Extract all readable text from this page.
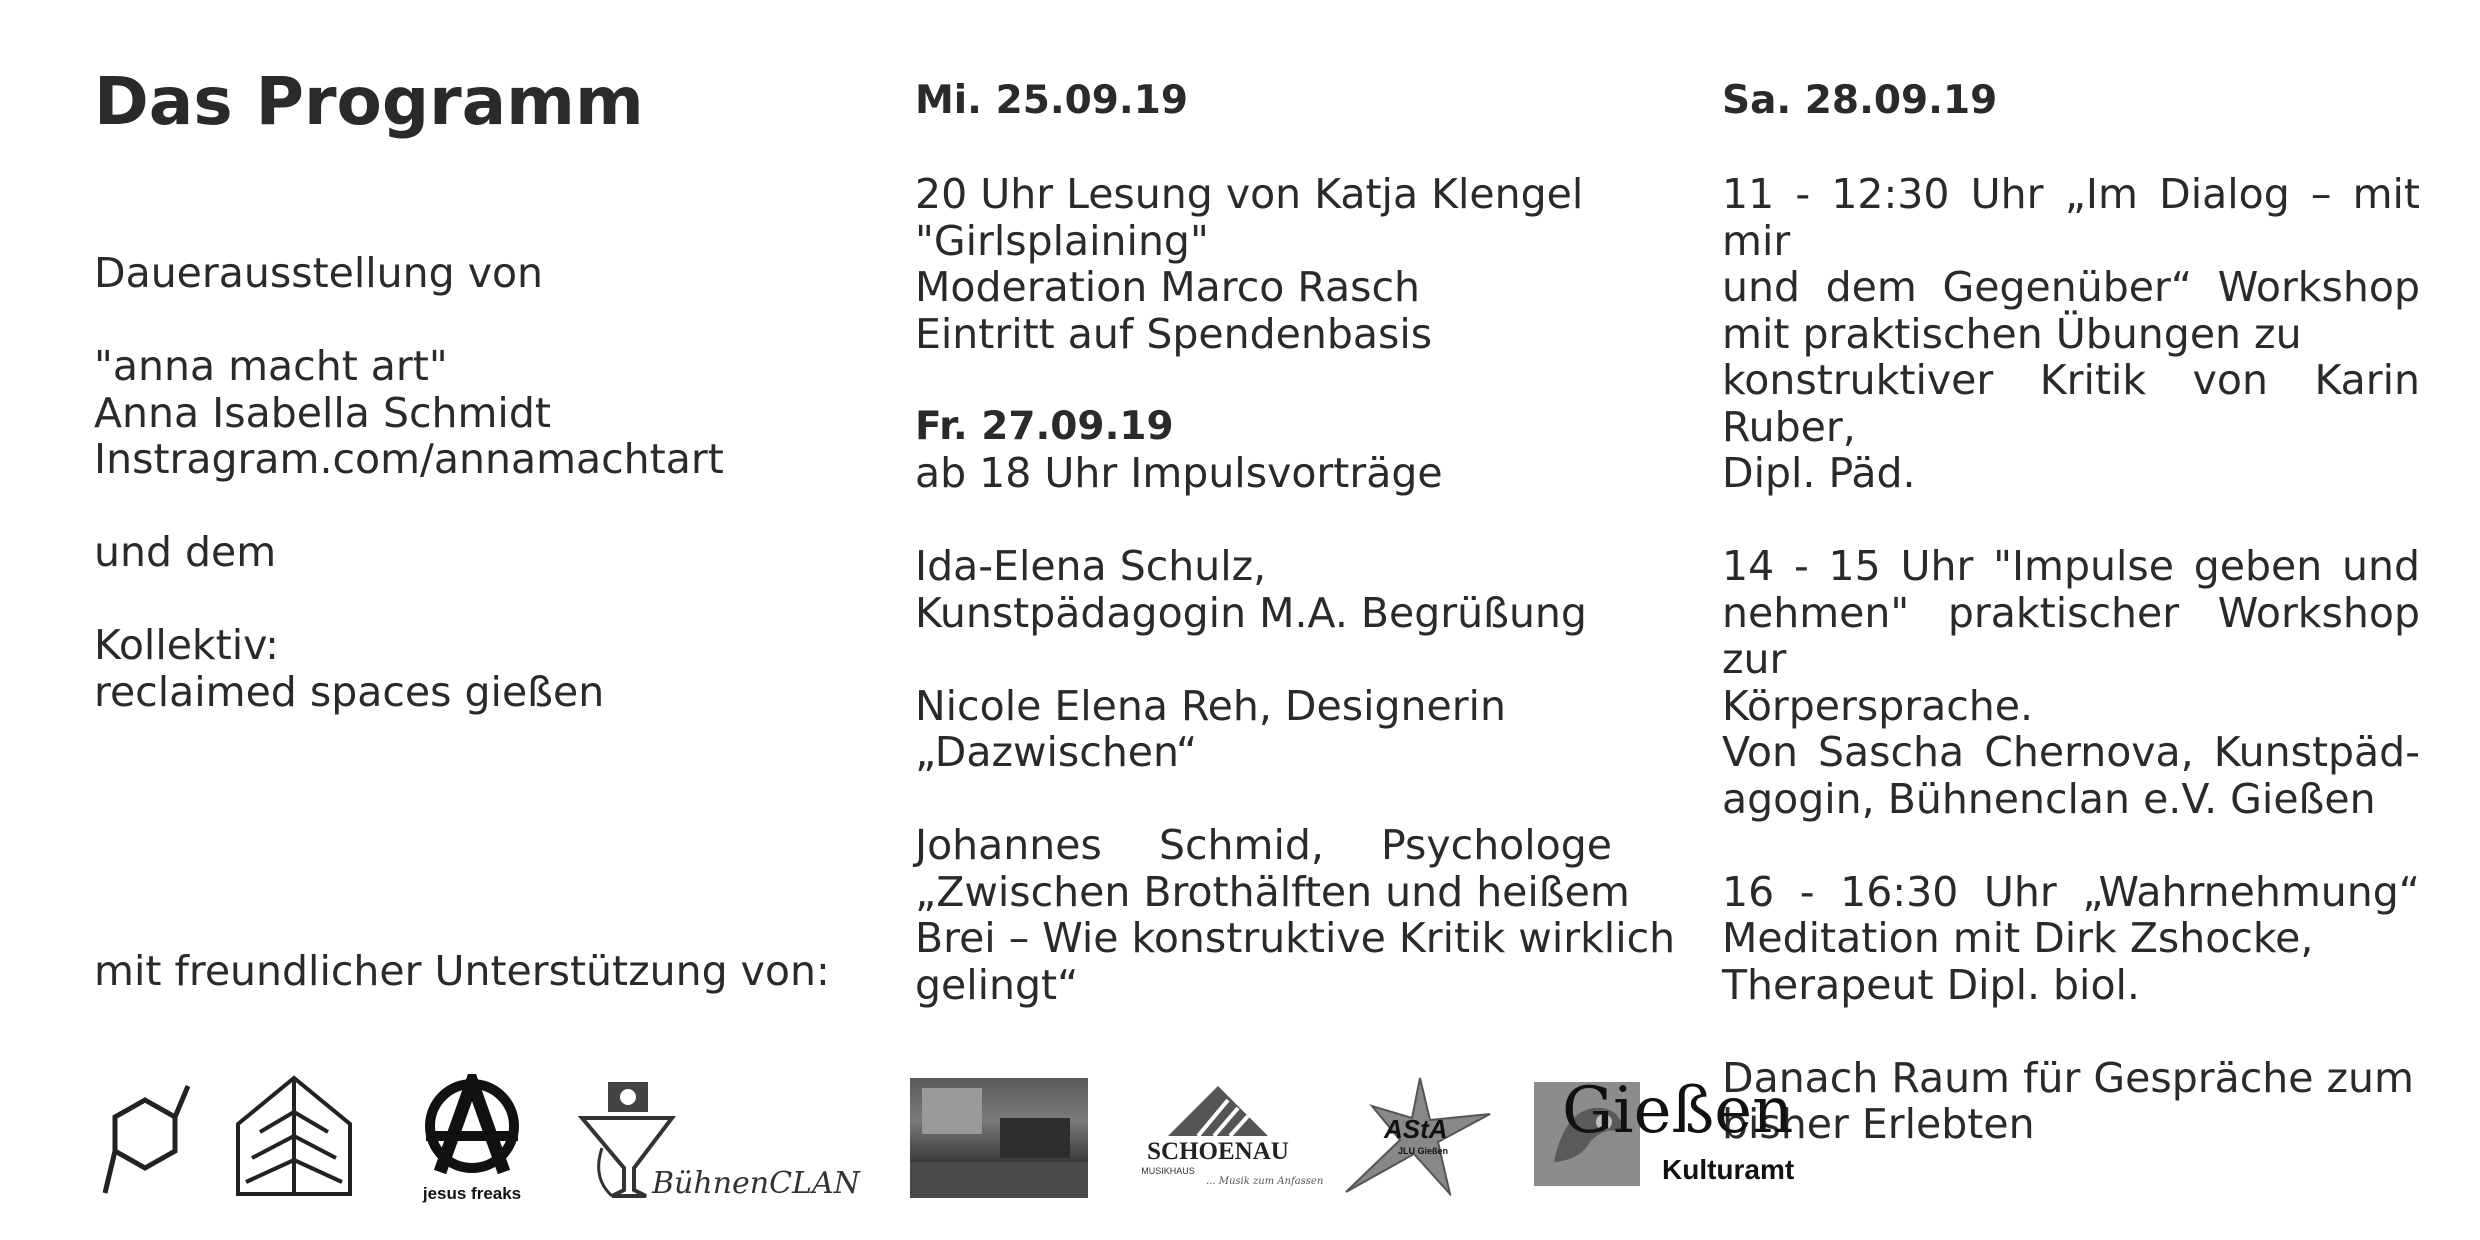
Das Programm
Dauerausstellung von

"anna macht art"
Anna Isabella Schmidt
Instragram.com/annamachtart

und dem

Kollektiv:
reclaimed spaces gießen
mit freundlicher Unterstützung von:
Mi. 25.09.19
20 Uhr Lesung von Katja Klengel
"Girlsplaining"
Moderation Marco Rasch
Eintritt auf Spendenbasis
Fr. 27.09.19
ab 18 Uhr Impulsvorträge
Ida-Elena Schulz,
Kunstpädagogin M.A. Begrüßung
Nicole Elena Reh, Designerin
„Dazwischen“
Johannes Schmid, Psychologe
„Zwischen Brothälften und heißem
Brei – Wie konstruktive Kritik wirklich
gelingt“
Sa. 28.09.19
11 - 12:30 Uhr „Im Dialog – mit mir
und dem Gegenüber“ Workshop
mit praktischen Übungen zu
konstruktiver Kritik von Karin Ruber,
Dipl. Päd.
14 - 15 Uhr "Impulse geben und
nehmen" praktischer Workshop zur
Körpersprache.
Von Sascha Chernova, Kunstpäd-
agogin, Bühnenclan e.V. Gießen
16 - 16:30 Uhr „Wahrnehmung“
Meditation mit Dirk Zshocke,
Therapeut Dipl. biol.
Danach Raum für Gespräche zum
bisher Erlebten
jesus freaks	BühnenCLAN
SCHOENAU
MUSIKHAUS
... Musik zum Anfassen
AStA
JLU Gießen
Gießen
Kulturamt
